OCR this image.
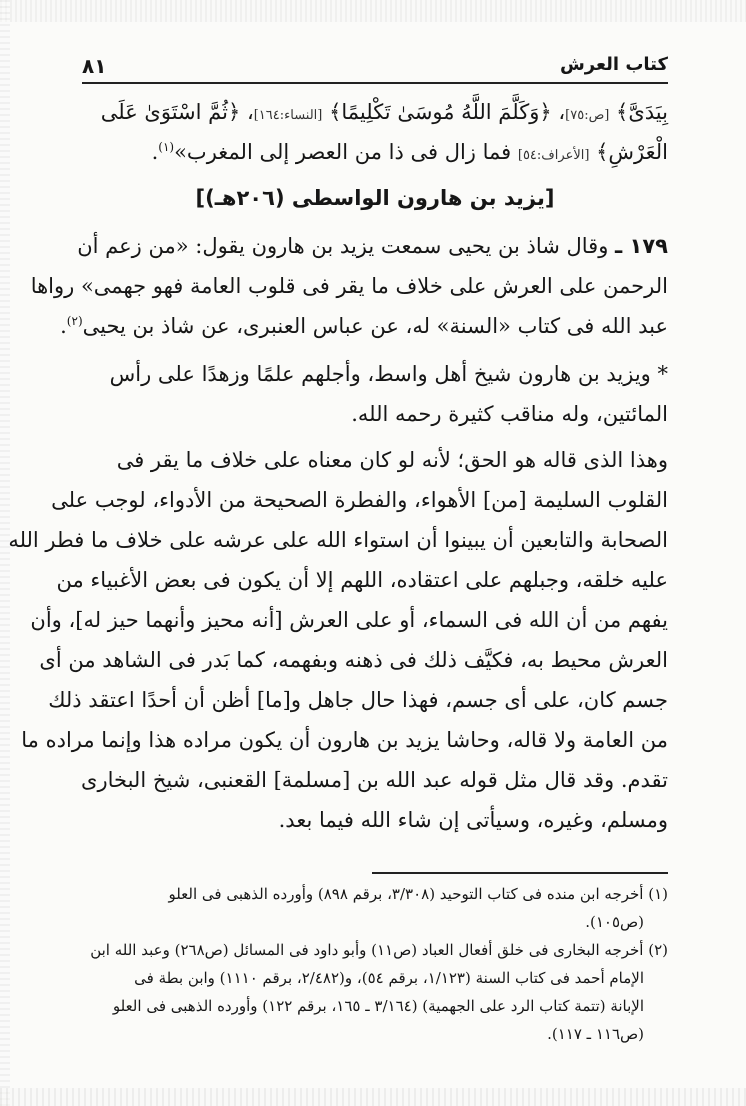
كتاب العرش
٨١
بِيَدَىَّ﴾ [ص:٧٥]، ﴿وَكَلَّمَ اللَّهُ مُوسَىٰ تَكْلِيمًا﴾ [النساء:١٦٤]، ﴿ثُمَّ اسْتَوَىٰ عَلَى
الْعَرْشِ﴾ [الأعراف:٥٤] فما زال فى ذا من العصر إلى المغرب»$^{(١)}$.
[يزيد بن هارون الواسطى (٢٠٦هـ)]
١٧٩ ـ وقال شاذ بن يحيى سمعت يزيد بن هارون يقول: «من زعم أن
الرحمن على العرش على خلاف ما يقر فى قلوب العامة فهو جهمى» رواها
عبد الله فى كتاب «السنة» له، عن عباس العنبرى، عن شاذ بن يحيى$^{(٢)}$.
* ويزيد بن هارون شيخ أهل واسط، وأجلهم علمًا وزهدًا على رأس
المائتين، وله مناقب كثيرة رحمه الله.
وهذا الذى قاله هو الحق؛ لأنه لو كان معناه على خلاف ما يقر فى
القلوب السليمة [من] الأهواء، والفطرة الصحيحة من الأدواء، لوجب على
الصحابة والتابعين أن يبينوا أن استواء الله على عرشه على خلاف ما فطر الله
عليه خلقه، وجبلهم على اعتقاده، اللهم إلا أن يكون فى بعض الأغبياء من
يفهم من أن الله فى السماء، أو على العرش [أنه محيز وأنهما حيز له]، وأن
العرش محيط به، فكيَّف ذلك فى ذهنه وبفهمه، كما بَدر فى الشاهد من أى
جسم كان، على أى جسم، فهذا حال جاهل و[ما] أظن أن أحدًا اعتقد ذلك
من العامة ولا قاله، وحاشا يزيد بن هارون أن يكون مراده هذا وإنما مراده ما
تقدم. وقد قال مثل قوله عبد الله بن [مسلمة] القعنبى، شيخ البخارى
ومسلم، وغيره، وسيأتى إن شاء الله فيما بعد.
(١) أخرجه ابن منده فى كتاب التوحيد (٣/٣٠٨، برقم ٨٩٨) وأورده الذهبى فى العلو
(ص١٠٥).
(٢) أخرجه البخارى فى خلق أفعال العباد (ص١١) وأبو داود فى المسائل (ص٢٦٨) وعبد الله ابن
الإمام أحمد فى كتاب السنة (١/١٢٣، برقم ٥٤)، و(٢/٤٨٢، برقم ١١١٠) وابن بطة فى
الإبانة (تتمة كتاب الرد على الجهمية) (٣/١٦٤ ـ ١٦٥، برقم ١٢٢) وأورده الذهبى فى العلو
(ص١١٦ ـ ١١٧).
